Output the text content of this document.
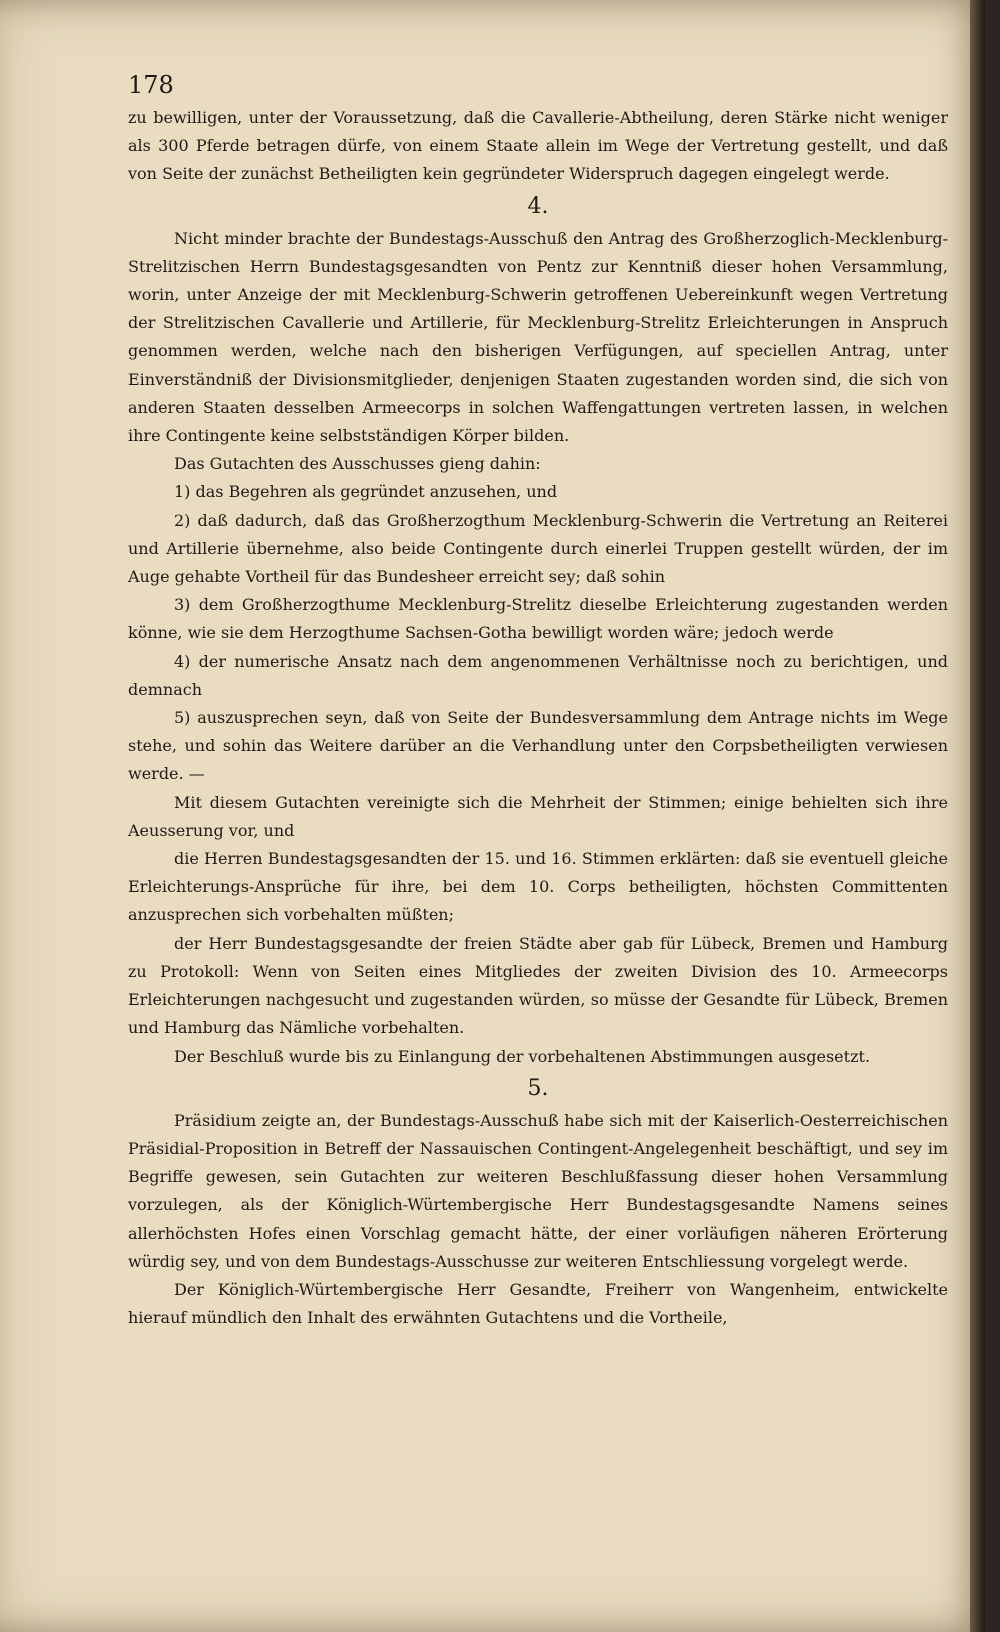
178

zu bewilligen, unter der Voraussetzung, daß die Cavallerie-Abtheilung, deren Stärke nicht weniger als 300 Pferde betragen dürfe, von einem Staate allein im Wege der Vertretung gestellt, und daß von Seite der zunächst Betheiligten kein gegründeter Widerspruch dagegen eingelegt werde.

4.

Nicht minder brachte der Bundestags-Ausschuß den Antrag des Großherzoglich-Mecklenburg-Strelitzischen Herrn Bundestagsgesandten von Pentz zur Kenntniß dieser hohen Versammlung, worin, unter Anzeige der mit Mecklenburg-Schwerin getroffenen Uebereinkunft wegen Vertretung der Strelitzischen Cavallerie und Artillerie, für Mecklenburg-Strelitz Erleichterungen in Anspruch genommen werden, welche nach den bisherigen Verfügungen, auf speciellen Antrag, unter Einverständniß der Divisionsmitglieder, denjenigen Staaten zugestanden worden sind, die sich von anderen Staaten desselben Armeecorps in solchen Waffengattungen vertreten lassen, in welchen ihre Contingente keine selbstständigen Körper bilden.

Das Gutachten des Ausschusses gieng dahin:

1) das Begehren als gegründet anzusehen, und

2) daß dadurch, daß das Großherzogthum Mecklenburg-Schwerin die Vertretung an Reiterei und Artillerie übernehme, also beide Contingente durch einerlei Truppen gestellt würden, der im Auge gehabte Vortheil für das Bundesheer erreicht sey; daß sohin

3) dem Großherzogthume Mecklenburg-Strelitz dieselbe Erleichterung zugestanden werden könne, wie sie dem Herzogthume Sachsen-Gotha bewilligt worden wäre; jedoch werde

4) der numerische Ansatz nach dem angenommenen Verhältnisse noch zu berichtigen, und demnach

5) auszusprechen seyn, daß von Seite der Bundesversammlung dem Antrage nichts im Wege stehe, und sohin das Weitere darüber an die Verhandlung unter den Corpsbetheiligten verwiesen werde. —

Mit diesem Gutachten vereinigte sich die Mehrheit der Stimmen; einige behielten sich ihre Aeusserung vor, und

die Herren Bundestagsgesandten der 15. und 16. Stimmen erklärten: daß sie eventuell gleiche Erleichterungs-Ansprüche für ihre, bei dem 10. Corps betheiligten, höchsten Committenten anzusprechen sich vorbehalten müßten;

der Herr Bundestagsgesandte der freien Städte aber gab für Lübeck, Bremen und Hamburg zu Protokoll: Wenn von Seiten eines Mitgliedes der zweiten Division des 10. Armeecorps Erleichterungen nachgesucht und zugestanden würden, so müsse der Gesandte für Lübeck, Bremen und Hamburg das Nämliche vorbehalten.

Der Beschluß wurde bis zu Einlangung der vorbehaltenen Abstimmungen ausgesetzt.

5.

Präsidium zeigte an, der Bundestags-Ausschuß habe sich mit der Kaiserlich-Oesterreichischen Präsidial-Proposition in Betreff der Nassauischen Contingent-Angelegenheit beschäftigt, und sey im Begriffe gewesen, sein Gutachten zur weiteren Beschlußfassung dieser hohen Versammlung vorzulegen, als der Königlich-Würtembergische Herr Bundestagsgesandte Namens seines allerhöchsten Hofes einen Vorschlag gemacht hätte, der einer vorläufigen näheren Erörterung würdig sey, und von dem Bundestags-Ausschusse zur weiteren Entschliessung vorgelegt werde.

Der Königlich-Würtembergische Herr Gesandte, Freiherr von Wangenheim, entwickelte hierauf mündlich den Inhalt des erwähnten Gutachtens und die Vortheile,
